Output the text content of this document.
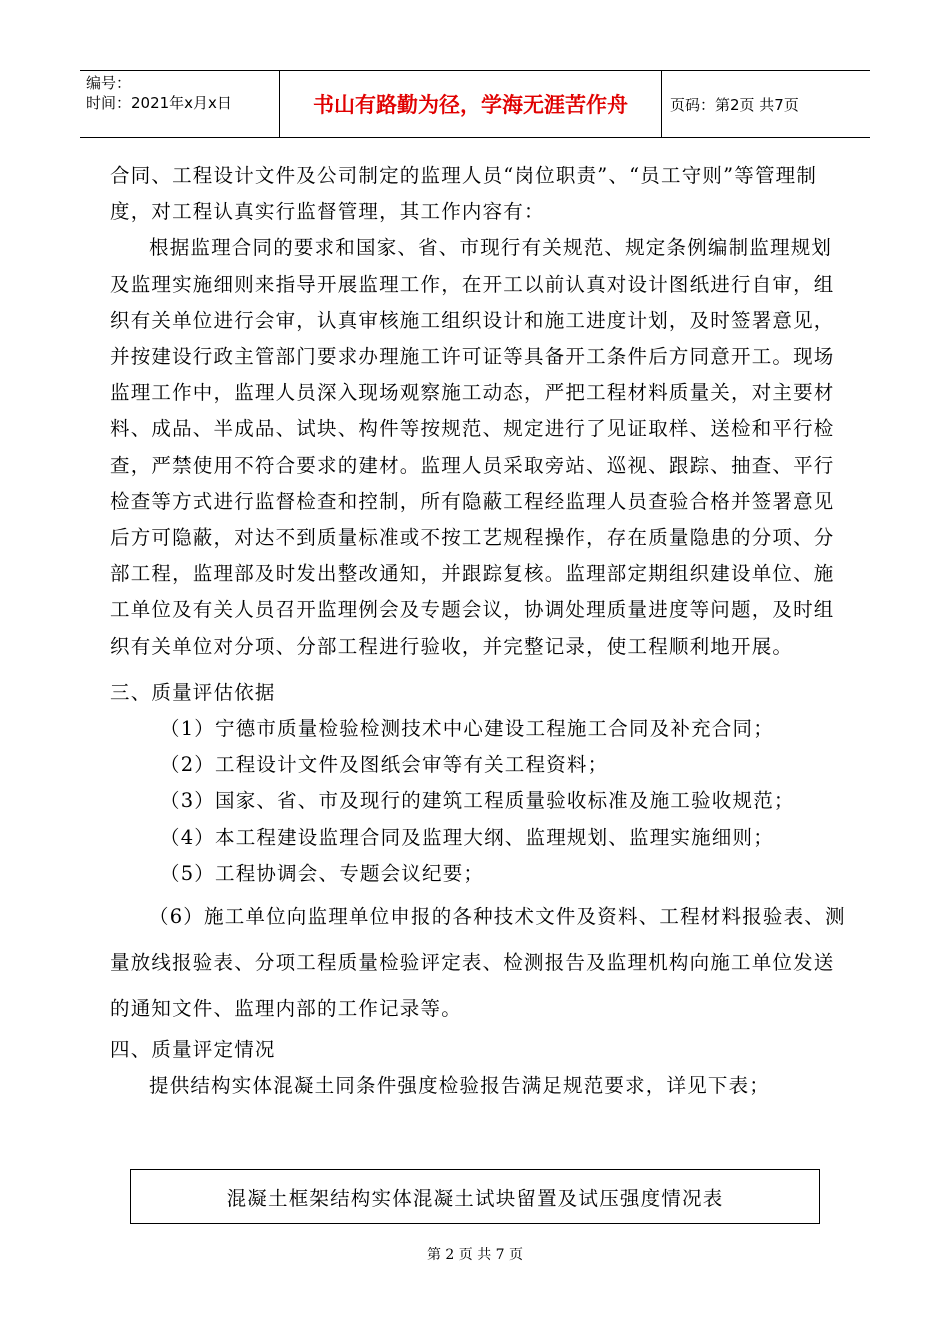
编号：
时间：2021年x月x日	书山有路勤为径，学海无涯苦作舟	页码：第2页 共7页

合同、工程设计文件及公司制定的监理人员“岗位职责”、“员工守则”等管理制度，对工程认真实行监督管理，其工作内容有：

根据监理合同的要求和国家、省、市现行有关规范、规定条例编制监理规划及监理实施细则来指导开展监理工作，在开工以前认真对设计图纸进行自审，组织有关单位进行会审，认真审核施工组织设计和施工进度计划，及时签署意见，并按建设行政主管部门要求办理施工许可证等具备开工条件后方同意开工。现场监理工作中，监理人员深入现场观察施工动态，严把工程材料质量关，对主要材料、成品、半成品、试块、构件等按规范、规定进行了见证取样、送检和平行检查，严禁使用不符合要求的建材。监理人员采取旁站、巡视、跟踪、抽查、平行检查等方式进行监督检查和控制，所有隐蔽工程经监理人员查验合格并签署意见后方可隐蔽，对达不到质量标准或不按工艺规程操作，存在质量隐患的分项、分部工程，监理部及时发出整改通知，并跟踪复核。监理部定期组织建设单位、施工单位及有关人员召开监理例会及专题会议，协调处理质量进度等问题，及时组织有关单位对分项、分部工程进行验收，并完整记录，使工程顺利地开展。

三、质量评估依据

（1）宁德市质量检验检测技术中心建设工程施工合同及补充合同；

（2）工程设计文件及图纸会审等有关工程资料；

（3）国家、省、市及现行的建筑工程质量验收标准及施工验收规范；

（4）本工程建设监理合同及监理大纲、监理规划、监理实施细则；

（5）工程协调会、专题会议纪要；

（6）施工单位向监理单位申报的各种技术文件及资料、工程材料报验表、测量放线报验表、分项工程质量检验评定表、检测报告及监理机构向施工单位发送的通知文件、监理内部的工作记录等。

四、质量评定情况

提供结构实体混凝土同条件强度检验报告满足规范要求，详见下表；

混凝土框架结构实体混凝土试块留置及试压强度情况表
第 2 页 共 7 页
